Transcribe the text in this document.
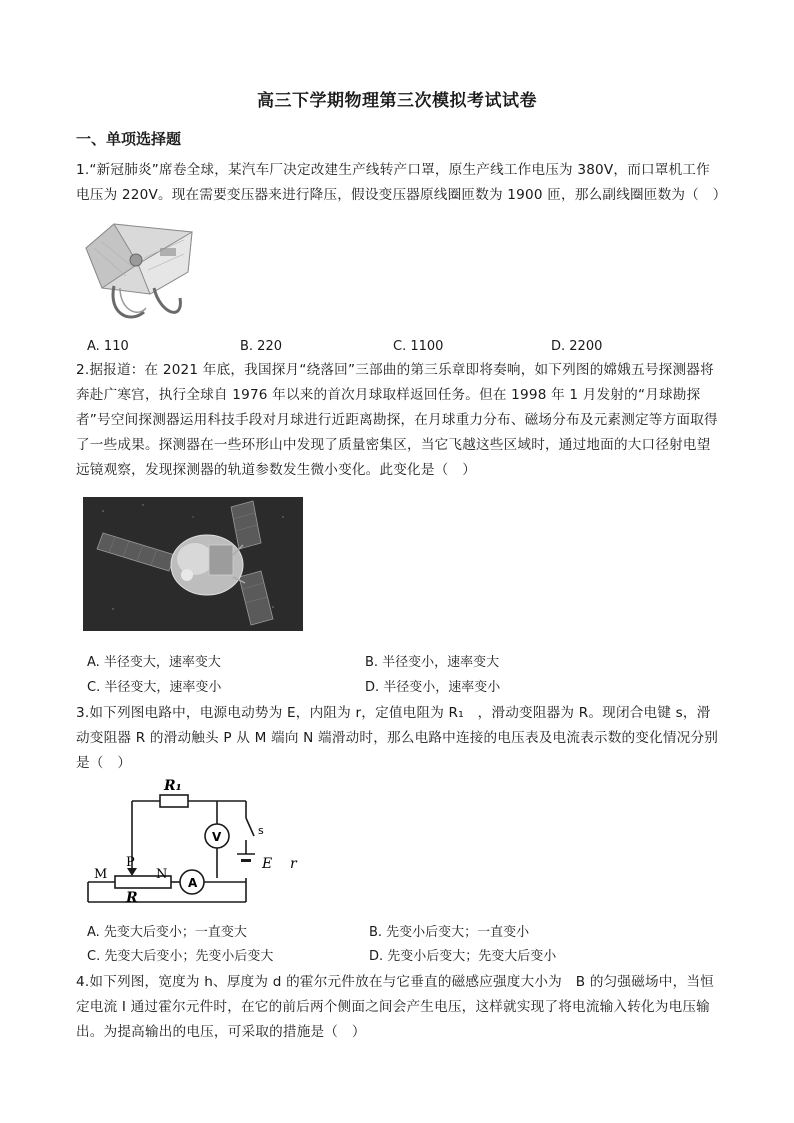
高三下学期物理第三次模拟考试试卷
一、单项选择题
1.“新冠肺炎”席卷全球，某汽车厂决定改建生产线转产口罩，原生产线工作电压为 380V，而口罩机工作电压为 220V。现在需要变压器来进行降压，假设变压器原线圈匝数为 1900 匝，那么副线圈匝数为（　）
A. 110	B. 220	C. 1100	D. 2200
2.据报道：在 2021 年底，我国探月“绕落回”三部曲的第三乐章即将奏响，如下列图的嫦娥五号探测器将奔赴广寒宫，执行全球自 1976 年以来的首次月球取样返回任务。但在 1998 年 1 月发射的“月球勘探者”号空间探测器运用科技手段对月球进行近距离勘探，在月球重力分布、磁场分布及元素测定等方面取得了一些成果。探测器在一些环形山中发现了质量密集区，当它飞越这些区域时，通过地面的大口径射电望远镜观察，发现探测器的轨道参数发生微小变化。此变化是（　）
A. 半径变大，速率变大	B. 半径变小，速率变大
C. 半径变大，速率变小	D. 半径变小，速率变小
3.如下列图电路中，电源电动势为 E，内阻为 r，定值电阻为 R₁　，滑动变阻器为 R。现闭合电键 s，滑动变阻器 R 的滑动触头 P 从 M 端向 N 端滑动时，那么电路中连接的电压表及电流表示数的变化情况分别是（　）
R₁
V
A
s
E r
P
M	N
R
A. 先变大后变小；一直变大	B. 先变小后变大；一直变小
C. 先变大后变小；先变小后变大	D. 先变小后变大；先变大后变小
4.如下列图，宽度为 h、厚度为 d 的霍尔元件放在与它垂直的磁感应强度大小为　B 的匀强磁场中，当恒定电流 I 通过霍尔元件时，在它的前后两个侧面之间会产生电压，这样就实现了将电流输入转化为电压输出。为提高输出的电压，可采取的措施是（　）
